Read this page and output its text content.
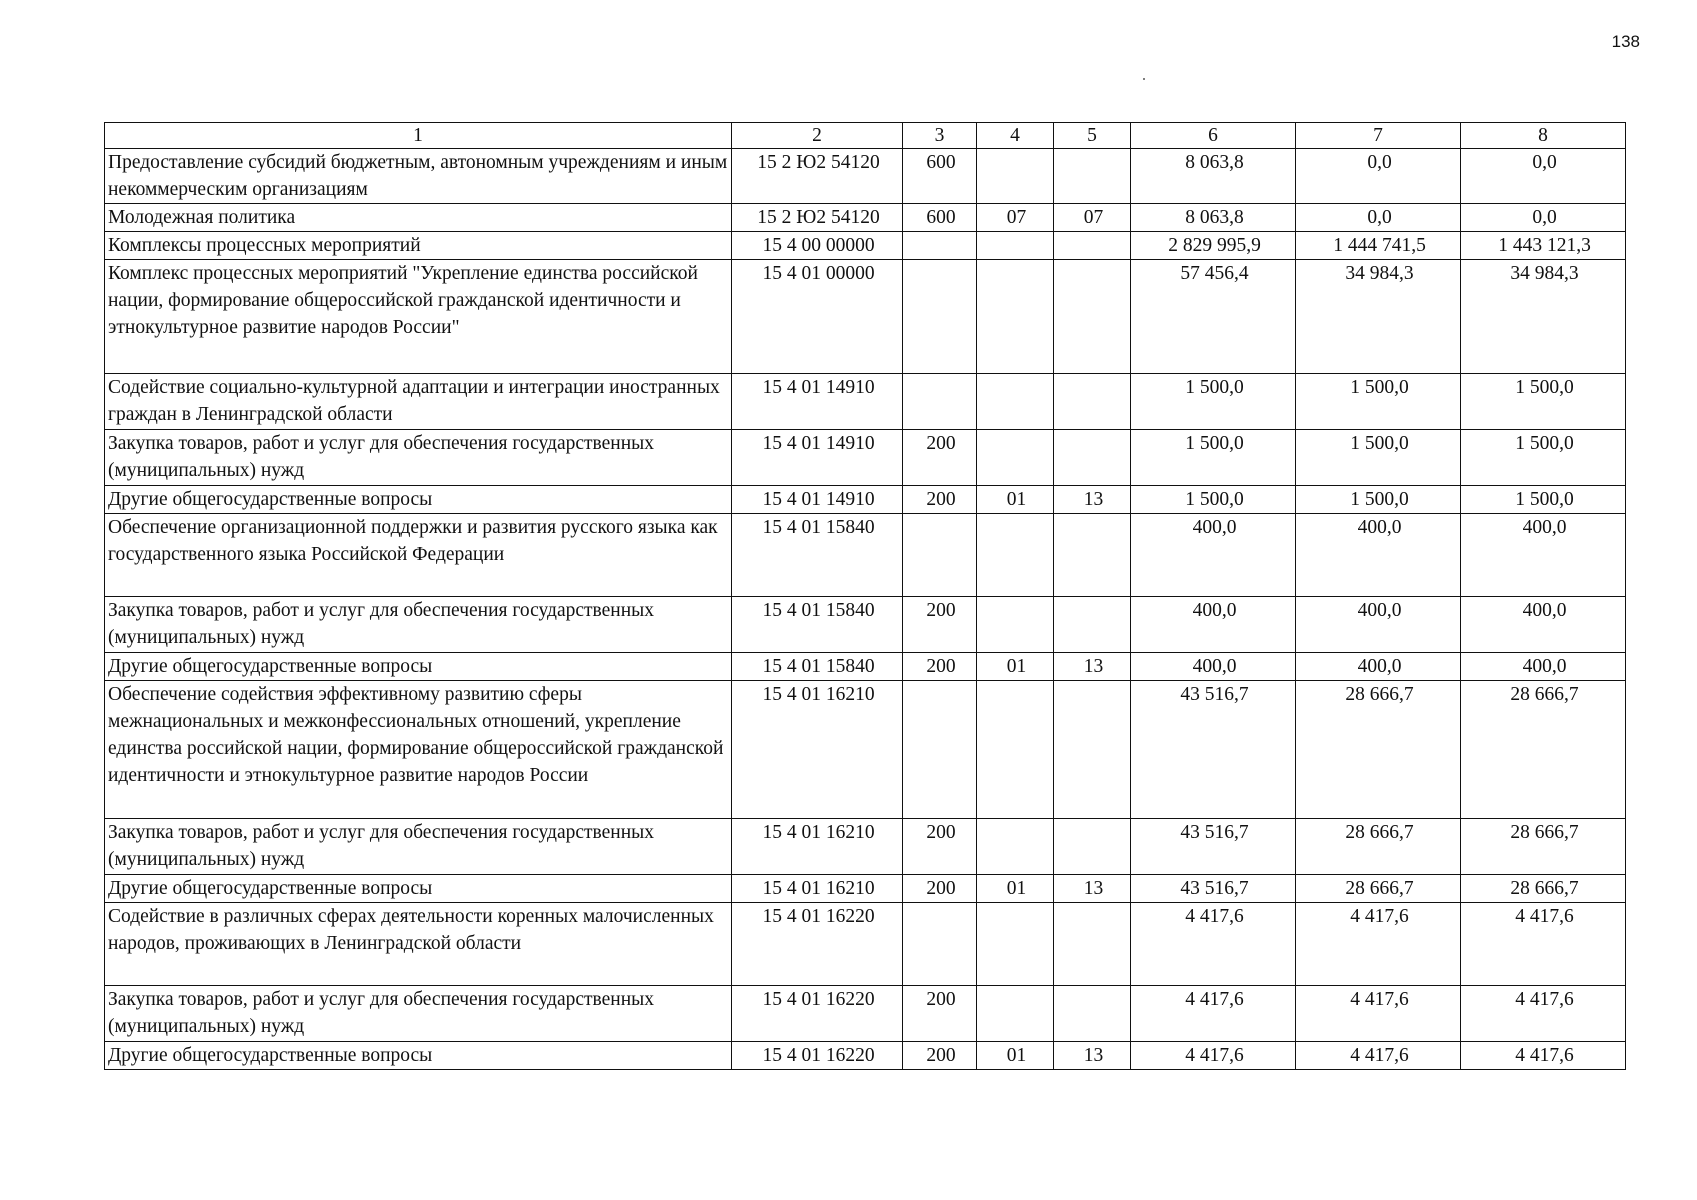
138
1	2	3	4	5	6	7	8
Предоставление субсидий бюджетным, автономным учреждениям и иным некоммерческим организациям	15 2 Ю2 54120	600			8 063,8	0,0	0,0
Молодежная политика	15 2 Ю2 54120	600	07	07	8 063,8	0,0	0,0
Комплексы процессных мероприятий	15 4 00 00000				2 829 995,9	1 444 741,5	1 443 121,3
Комплекс процессных мероприятий "Укрепление единства российской нации, формирование общероссийской гражданской идентичности и этнокультурное развитие народов России"	15 4 01 00000				57 456,4	34 984,3	34 984,3
Содействие социально-культурной адаптации и интеграции иностранных граждан в Ленинградской области	15 4 01 14910				1 500,0	1 500,0	1 500,0
Закупка товаров, работ и услуг для обеспечения государственных (муниципальных) нужд	15 4 01 14910	200			1 500,0	1 500,0	1 500,0
Другие общегосударственные вопросы	15 4 01 14910	200	01	13	1 500,0	1 500,0	1 500,0
Обеспечение организационной поддержки и развития русского языка как государственного языка Российской Федерации	15 4 01 15840				400,0	400,0	400,0
Закупка товаров, работ и услуг для обеспечения государственных (муниципальных) нужд	15 4 01 15840	200			400,0	400,0	400,0
Другие общегосударственные вопросы	15 4 01 15840	200	01	13	400,0	400,0	400,0
Обеспечение содействия эффективному развитию сферы межнациональных и межконфессиональных отношений, укрепление единства российской нации, формирование общероссийской гражданской идентичности и этнокультурное развитие народов России	15 4 01 16210				43 516,7	28 666,7	28 666,7
Закупка товаров, работ и услуг для обеспечения государственных (муниципальных) нужд	15 4 01 16210	200			43 516,7	28 666,7	28 666,7
Другие общегосударственные вопросы	15 4 01 16210	200	01	13	43 516,7	28 666,7	28 666,7
Содействие в различных сферах деятельности коренных малочисленных народов, проживающих в Ленинградской области	15 4 01 16220				4 417,6	4 417,6	4 417,6
Закупка товаров, работ и услуг для обеспечения государственных (муниципальных) нужд	15 4 01 16220	200			4 417,6	4 417,6	4 417,6
Другие общегосударственные вопросы	15 4 01 16220	200	01	13	4 417,6	4 417,6	4 417,6
